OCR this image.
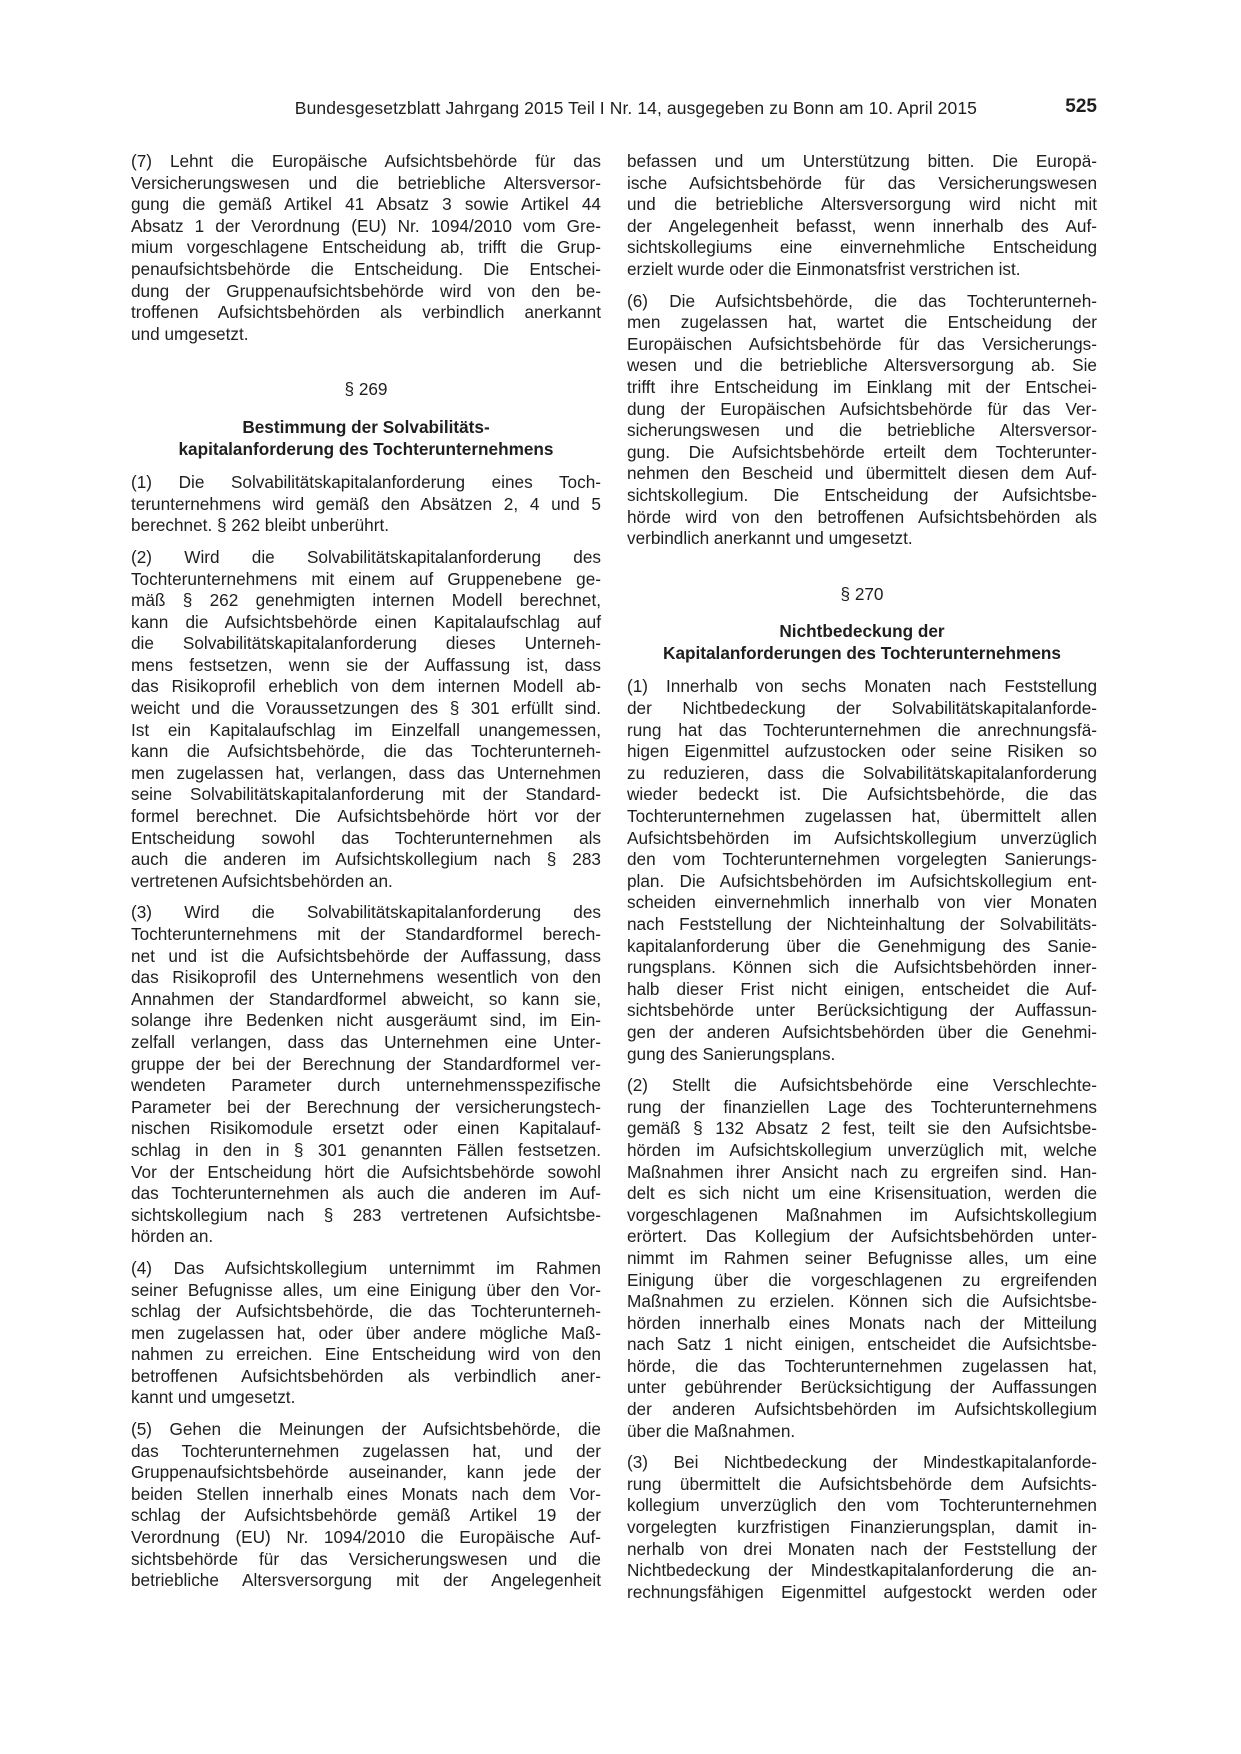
Bundesgesetzblatt Jahrgang 2015 Teil I Nr. 14, ausgegeben zu Bonn am 10. April 2015	525

(7) Lehnt die Europäische Aufsichtsbehörde für das
Versicherungswesen und die betriebliche Altersversor-
gung die gemäß Artikel 41 Absatz 3 sowie Artikel 44
Absatz 1 der Verordnung (EU) Nr. 1094/2010 vom Gre-
mium vorgeschlagene Entscheidung ab, trifft die Grup-
penaufsichtsbehörde die Entscheidung. Die Entschei-
dung der Gruppenaufsichtsbehörde wird von den be-
troffenen Aufsichtsbehörden als verbindlich anerkannt
und umgesetzt.

§ 269
Bestimmung der Solvabilitäts-
kapitalanforderung des Tochterunternehmens

(1) Die Solvabilitätskapitalanforderung eines Toch-
terunternehmens wird gemäß den Absätzen 2, 4 und 5
berechnet. § 262 bleibt unberührt.

(2) Wird die Solvabilitätskapitalanforderung des
Tochterunternehmens mit einem auf Gruppenebene ge-
mäß § 262 genehmigten internen Modell berechnet,
kann die Aufsichtsbehörde einen Kapitalaufschlag auf
die Solvabilitätskapitalanforderung dieses Unterneh-
mens festsetzen, wenn sie der Auffassung ist, dass
das Risikoprofil erheblich von dem internen Modell ab-
weicht und die Voraussetzungen des § 301 erfüllt sind.
Ist ein Kapitalaufschlag im Einzelfall unangemessen,
kann die Aufsichtsbehörde, die das Tochterunterneh-
men zugelassen hat, verlangen, dass das Unternehmen
seine Solvabilitätskapitalanforderung mit der Standard-
formel berechnet. Die Aufsichtsbehörde hört vor der
Entscheidung sowohl das Tochterunternehmen als
auch die anderen im Aufsichtskollegium nach § 283
vertretenen Aufsichtsbehörden an.

(3) Wird die Solvabilitätskapitalanforderung des
Tochterunternehmens mit der Standardformel berech-
net und ist die Aufsichtsbehörde der Auffassung, dass
das Risikoprofil des Unternehmens wesentlich von den
Annahmen der Standardformel abweicht, so kann sie,
solange ihre Bedenken nicht ausgeräumt sind, im Ein-
zelfall verlangen, dass das Unternehmen eine Unter-
gruppe der bei der Berechnung der Standardformel ver-
wendeten Parameter durch unternehmensspezifische
Parameter bei der Berechnung der versicherungstech-
nischen Risikomodule ersetzt oder einen Kapitalauf-
schlag in den in § 301 genannten Fällen festsetzen.
Vor der Entscheidung hört die Aufsichtsbehörde sowohl
das Tochterunternehmen als auch die anderen im Auf-
sichtskollegium nach § 283 vertretenen Aufsichtsbe-
hörden an.

(4) Das Aufsichtskollegium unternimmt im Rahmen
seiner Befugnisse alles, um eine Einigung über den Vor-
schlag der Aufsichtsbehörde, die das Tochterunterneh-
men zugelassen hat, oder über andere mögliche Maß-
nahmen zu erreichen. Eine Entscheidung wird von den
betroffenen Aufsichtsbehörden als verbindlich aner-
kannt und umgesetzt.

(5) Gehen die Meinungen der Aufsichtsbehörde, die
das Tochterunternehmen zugelassen hat, und der
Gruppenaufsichtsbehörde auseinander, kann jede der
beiden Stellen innerhalb eines Monats nach dem Vor-
schlag der Aufsichtsbehörde gemäß Artikel 19 der
Verordnung (EU) Nr. 1094/2010 die Europäische Auf-
sichtsbehörde für das Versicherungswesen und die
betriebliche Altersversorgung mit der Angelegenheit

befassen und um Unterstützung bitten. Die Europä-
ische Aufsichtsbehörde für das Versicherungswesen
und die betriebliche Altersversorgung wird nicht mit
der Angelegenheit befasst, wenn innerhalb des Auf-
sichtskollegiums eine einvernehmliche Entscheidung
erzielt wurde oder die Einmonatsfrist verstrichen ist.

(6) Die Aufsichtsbehörde, die das Tochterunterneh-
men zugelassen hat, wartet die Entscheidung der
Europäischen Aufsichtsbehörde für das Versicherungs-
wesen und die betriebliche Altersversorgung ab. Sie
trifft ihre Entscheidung im Einklang mit der Entschei-
dung der Europäischen Aufsichtsbehörde für das Ver-
sicherungswesen und die betriebliche Altersversor-
gung. Die Aufsichtsbehörde erteilt dem Tochterunter-
nehmen den Bescheid und übermittelt diesen dem Auf-
sichtskollegium. Die Entscheidung der Aufsichtsbe-
hörde wird von den betroffenen Aufsichtsbehörden als
verbindlich anerkannt und umgesetzt.

§ 270
Nichtbedeckung der
Kapitalanforderungen des Tochterunternehmens

(1) Innerhalb von sechs Monaten nach Feststellung
der Nichtbedeckung der Solvabilitätskapitalanforde-
rung hat das Tochterunternehmen die anrechnungsfä-
higen Eigenmittel aufzustocken oder seine Risiken so
zu reduzieren, dass die Solvabilitätskapitalanforderung
wieder bedeckt ist. Die Aufsichtsbehörde, die das
Tochterunternehmen zugelassen hat, übermittelt allen
Aufsichtsbehörden im Aufsichtskollegium unverzüglich
den vom Tochterunternehmen vorgelegten Sanierungs-
plan. Die Aufsichtsbehörden im Aufsichtskollegium ent-
scheiden einvernehmlich innerhalb von vier Monaten
nach Feststellung der Nichteinhaltung der Solvabilitäts-
kapitalanforderung über die Genehmigung des Sanie-
rungsplans. Können sich die Aufsichtsbehörden inner-
halb dieser Frist nicht einigen, entscheidet die Auf-
sichtsbehörde unter Berücksichtigung der Auffassun-
gen der anderen Aufsichtsbehörden über die Genehmi-
gung des Sanierungsplans.

(2) Stellt die Aufsichtsbehörde eine Verschlechte-
rung der finanziellen Lage des Tochterunternehmens
gemäß § 132 Absatz 2 fest, teilt sie den Aufsichtsbe-
hörden im Aufsichtskollegium unverzüglich mit, welche
Maßnahmen ihrer Ansicht nach zu ergreifen sind. Han-
delt es sich nicht um eine Krisensituation, werden die
vorgeschlagenen Maßnahmen im Aufsichtskollegium
erörtert. Das Kollegium der Aufsichtsbehörden unter-
nimmt im Rahmen seiner Befugnisse alles, um eine
Einigung über die vorgeschlagenen zu ergreifenden
Maßnahmen zu erzielen. Können sich die Aufsichtsbe-
hörden innerhalb eines Monats nach der Mitteilung
nach Satz 1 nicht einigen, entscheidet die Aufsichtsbe-
hörde, die das Tochterunternehmen zugelassen hat,
unter gebührender Berücksichtigung der Auffassungen
der anderen Aufsichtsbehörden im Aufsichtskollegium
über die Maßnahmen.

(3) Bei Nichtbedeckung der Mindestkapitalanforde-
rung übermittelt die Aufsichtsbehörde dem Aufsichts-
kollegium unverzüglich den vom Tochterunternehmen
vorgelegten kurzfristigen Finanzierungsplan, damit in-
nerhalb von drei Monaten nach der Feststellung der
Nichtbedeckung der Mindestkapitalanforderung die an-
rechnungsfähigen Eigenmittel aufgestockt werden oder
